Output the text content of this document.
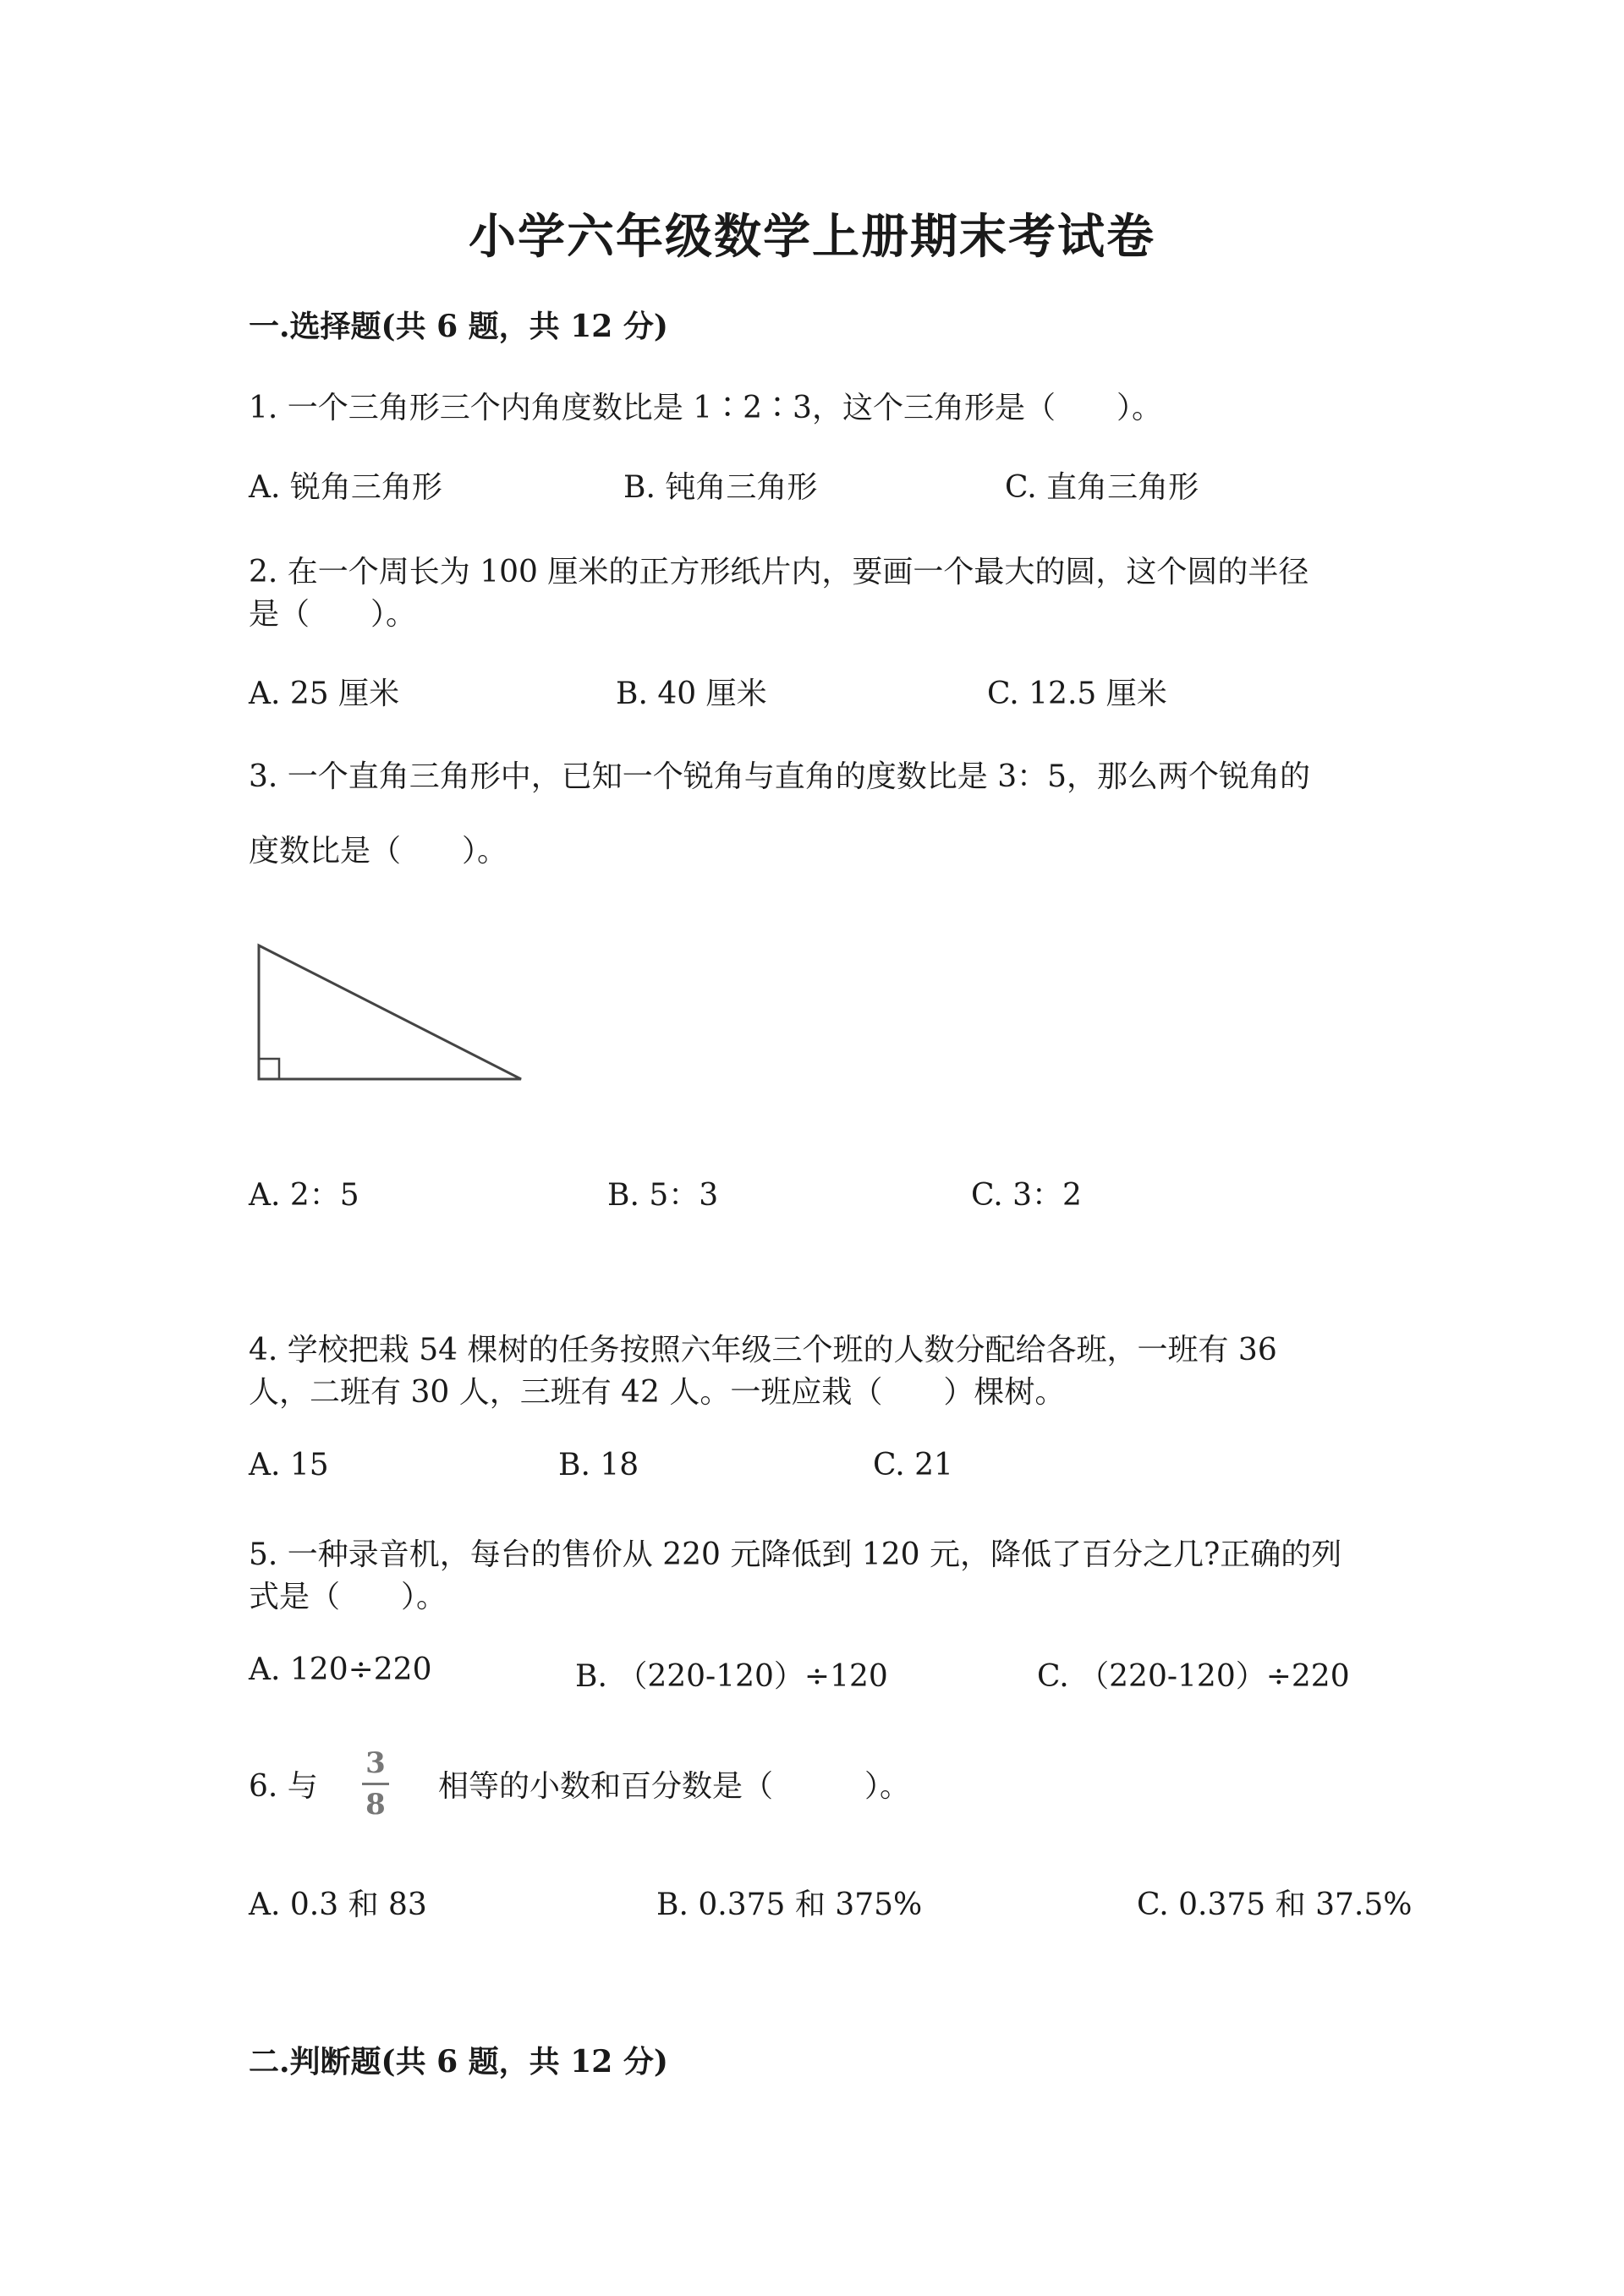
小学六年级数学上册期末考试卷
一.选择题(共 6 题，共 12 分)
1. 一个三角形三个内角度数比是 1∶2∶3，这个三角形是（　　）。
A. 锐角三角形	B. 钝角三角形	C. 直角三角形
2. 在一个周长为 100 厘米的正方形纸片内，要画一个最大的圆，这个圆的半径
是（　　）。
A. 25 厘米	B. 40 厘米	C. 12.5 厘米
3. 一个直角三角形中，已知一个锐角与直角的度数比是 3：5，那么两个锐角的
度数比是（　　）。
A. 2：5	B. 5：3	C. 3：2
4. 学校把栽 54 棵树的任务按照六年级三个班的人数分配给各班，一班有 36
人，二班有 30 人，三班有 42 人。一班应栽（　　）棵树。
A. 15	B. 18	C. 21
5. 一种录音机，每台的售价从 220 元降低到 120 元，降低了百分之几?正确的列
式是（　　）。
A. 120÷220	B. （220-120）÷120	C. （220-120）÷220
6. 与
3
8
相等的小数和百分数是（　　　）。
A. 0.3 和 83	B. 0.375 和 375%	C. 0.375 和 37.5%
二.判断题(共 6 题，共 12 分)
